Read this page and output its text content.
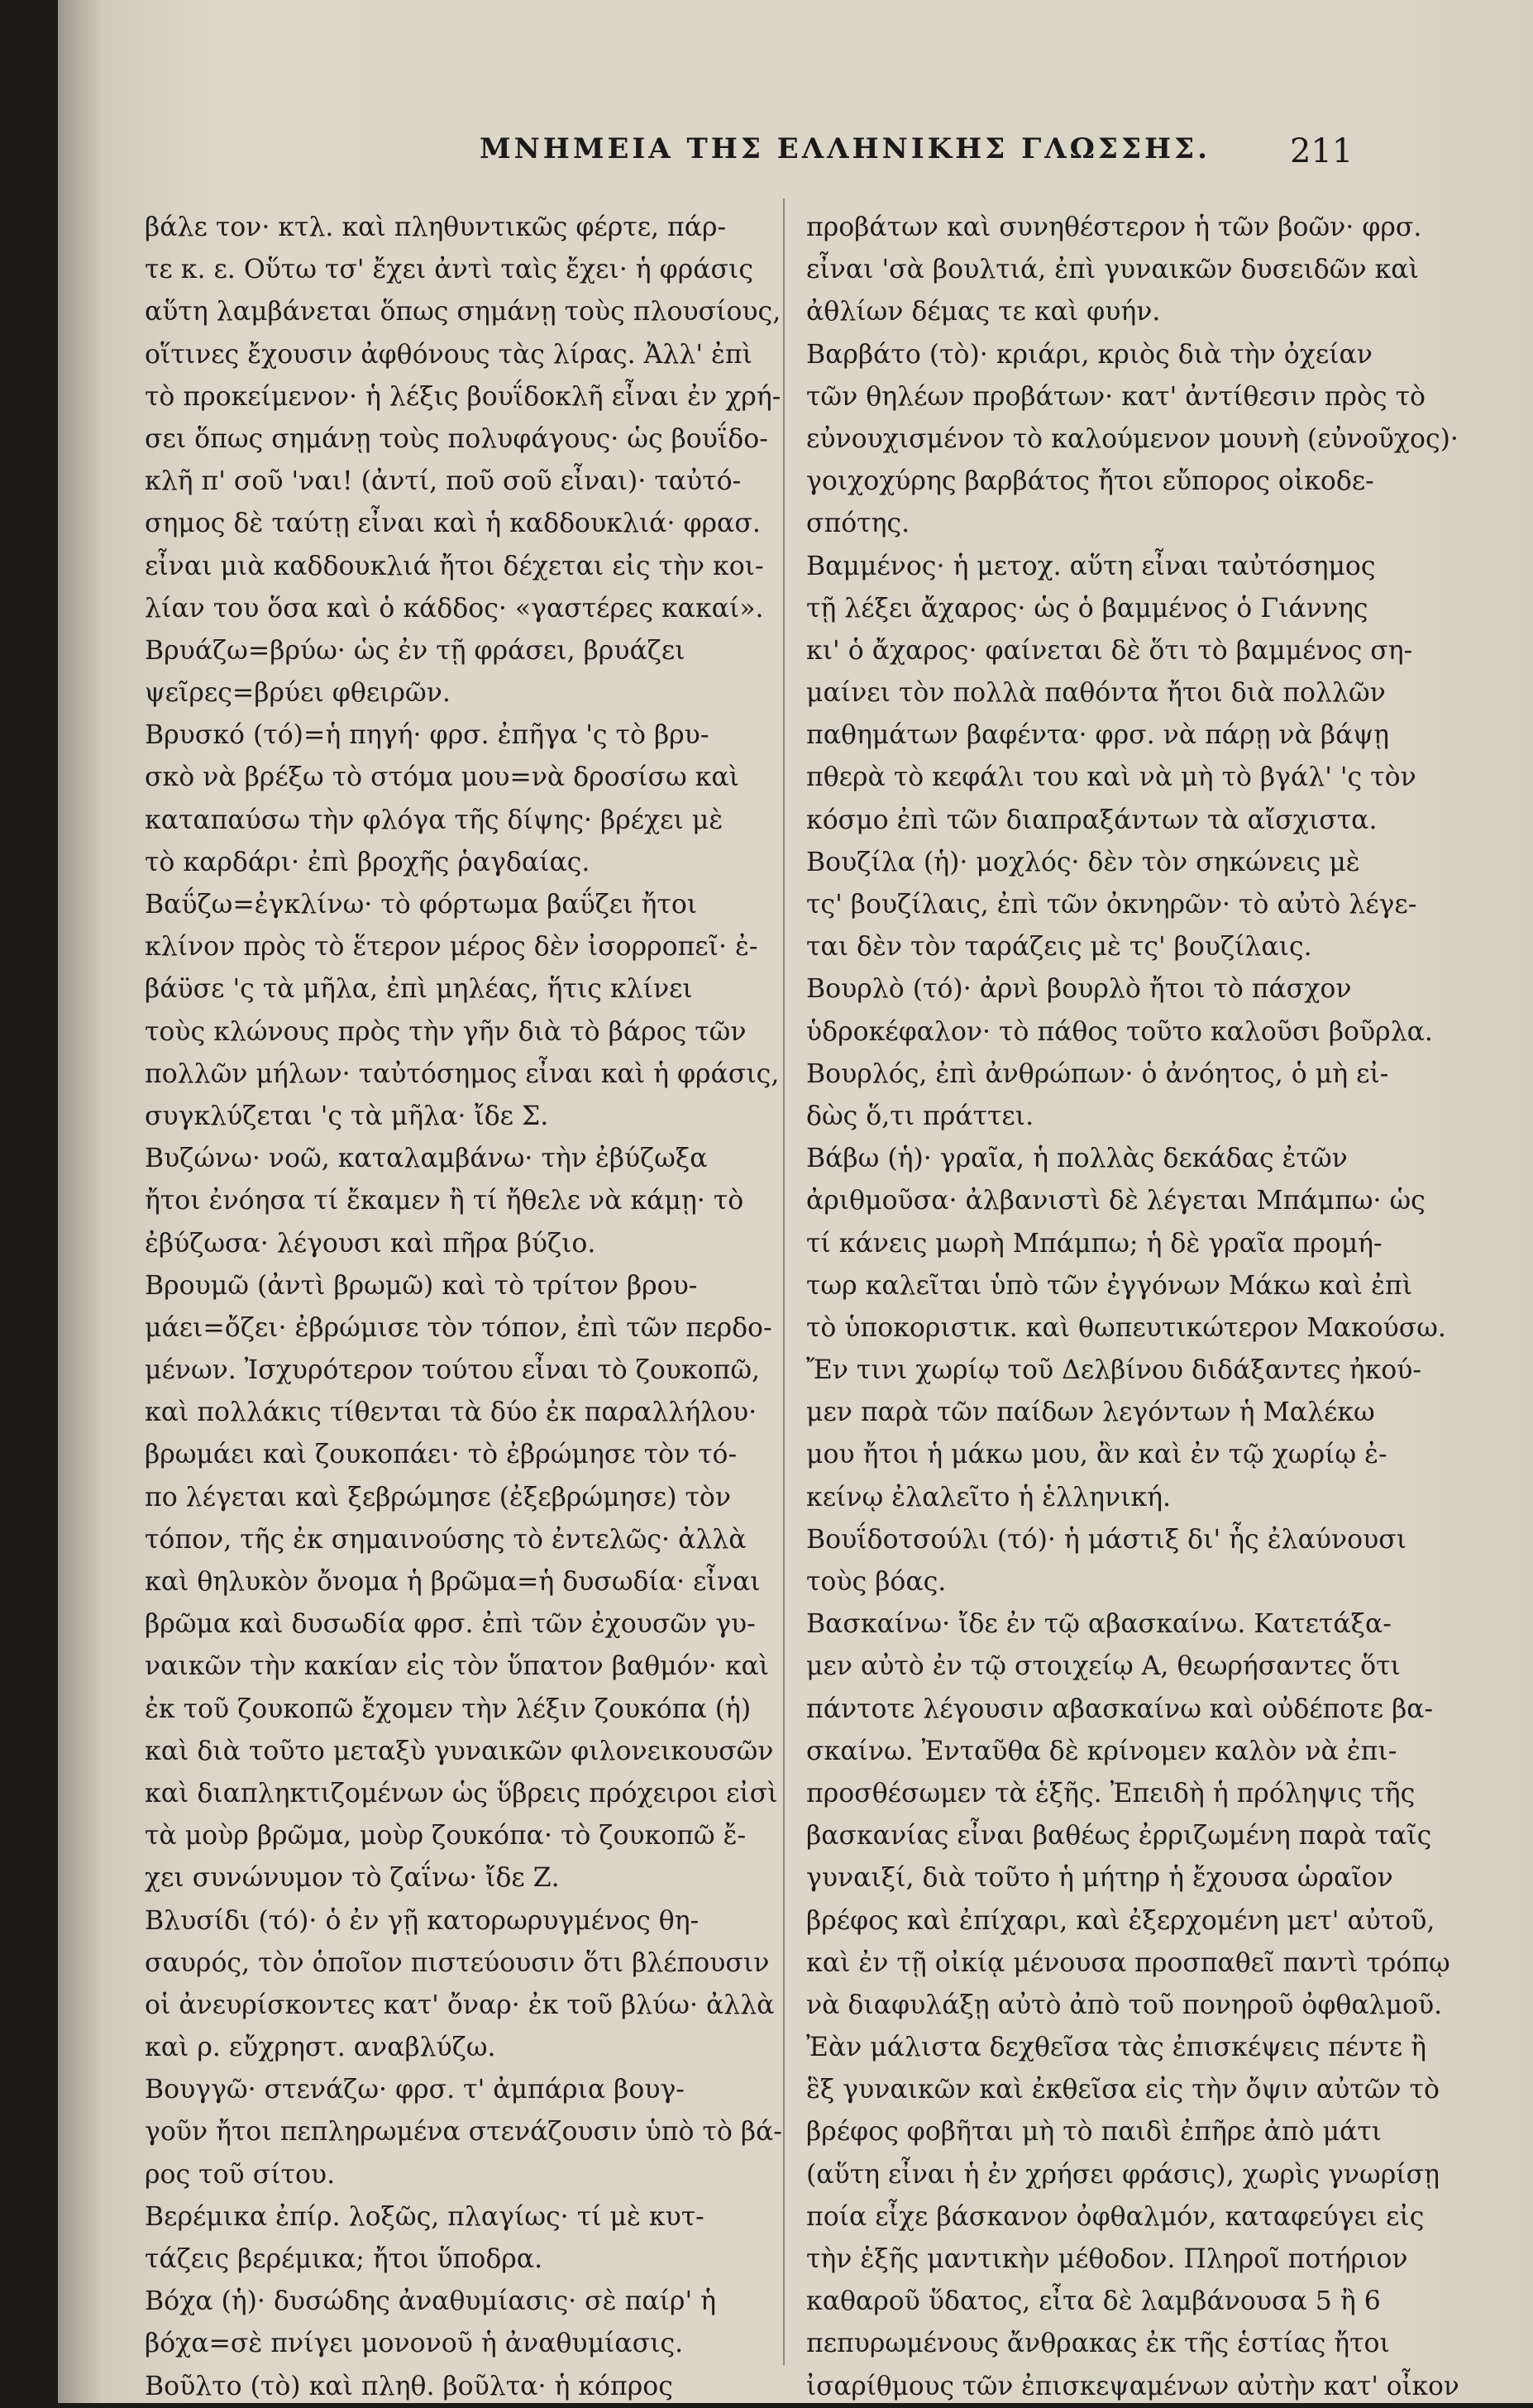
ΜΝΗΜΕΙΑ ΤΗΣ ΕΛΛΗΝΙΚΗΣ ΓΛΩΣΣΗΣ. 211
βάλε τον· κτλ. καὶ πληθυντικῶς φέρτε, πάρ-
τε κ. ε. Οὕτω τσ' ἔχει ἀντὶ ταὶς ἔχει· ἡ φράσις
αὕτη λαμβάνεται ὅπως σημάνῃ τοὺς πλουσίους,
οἵτινες ἔχουσιν ἀφθόνους τὰς λίρας. Ἀλλ' ἐπὶ
τὸ προκείμενον· ἡ λέξις βουΐδοκλῆ εἶναι ἐν χρή-
σει ὅπως σημάνῃ τοὺς πολυφάγους· ὡς βουΐδο-
κλῆ π' σοῦ 'ναι! (ἀντί, ποῦ σοῦ εἶναι)· ταὐτό-
σημος δὲ ταύτῃ εἶναι καὶ ἡ καδδουκλιά· φρασ.
εἶναι μιὰ καδδουκλιά ἤτοι δέχεται εἰς τὴν κοι-
λίαν του ὅσα καὶ ὁ κάδδος· «γαστέρες κακαί».
Βρυάζω=βρύω· ὡς ἐν τῇ φράσει, βρυάζει
ψεῖρες=βρύει φθειρῶν.
Βρυσκό (τό)=ἡ πηγή· φρσ. ἐπῆγα 'ς τὸ βρυ-
σκὸ νὰ βρέξω τὸ στόμα μου=νὰ δροσίσω καὶ
καταπαύσω τὴν φλόγα τῆς δίψης· βρέχει μὲ
τὸ καρδάρι· ἐπὶ βροχῆς ῥαγδαίας.
Βαΰζω=ἐγκλίνω· τὸ φόρτωμα βαΰζει ἤτοι
κλίνον πρὸς τὸ ἕτερον μέρος δὲν ἰσορροπεῖ· ἐ-
βάϋσε 'ς τὰ μῆλα, ἐπὶ μηλέας, ἥτις κλίνει
τοὺς κλώνους πρὸς τὴν γῆν διὰ τὸ βάρος τῶν
πολλῶν μήλων· ταὐτόσημος εἶναι καὶ ἡ φράσις,
συγκλύζεται 'ς τὰ μῆλα· ἴδε Σ.
Βυζώνω· νοῶ, καταλαμβάνω· τὴν ἐβύζωξα
ἤτοι ἐνόησα τί ἔκαμεν ἢ τί ἤθελε νὰ κάμῃ· τὸ
ἐβύζωσα· λέγουσι καὶ πῆρα βύζιο.
Βρουμῶ (ἀντὶ βρωμῶ) καὶ τὸ τρίτον βρου-
μάει=ὄζει· ἐβρώμισε τὸν τόπον, ἐπὶ τῶν περδο-
μένων. Ἰσχυρότερον τούτου εἶναι τὸ ζουκοπῶ,
καὶ πολλάκις τίθενται τὰ δύο ἐκ παραλλήλου·
βρωμάει καὶ ζουκοπάει· τὸ ἐβρώμησε τὸν τό-
πο λέγεται καὶ ξεβρώμησε (ἐξεβρώμησε) τὸν
τόπον, τῆς ἐκ σημαινούσης τὸ ἐντελῶς· ἀλλὰ
καὶ θηλυκὸν ὄνομα ἡ βρῶμα=ἡ δυσωδία· εἶναι
βρῶμα καὶ δυσωδία φρσ. ἐπὶ τῶν ἐχουσῶν γυ-
ναικῶν τὴν κακίαν εἰς τὸν ὕπατον βαθμόν· καὶ
ἐκ τοῦ ζουκοπῶ ἔχομεν τὴν λέξιν ζουκόπα (ἡ)
καὶ διὰ τοῦτο μεταξὺ γυναικῶν φιλονεικουσῶν
καὶ διαπληκτιζομένων ὡς ὕβρεις πρόχειροι εἰσὶ
τὰ μοὺρ βρῶμα, μοὺρ ζουκόπα· τὸ ζουκοπῶ ἔ-
χει συνώνυμον τὸ ζαΐνω· ἴδε Ζ.
Βλυσίδι (τό)· ὁ ἐν γῇ κατορωρυγμένος θη-
σαυρός, τὸν ὁποῖον πιστεύουσιν ὅτι βλέπουσιν
οἱ ἀνευρίσκοντες κατ' ὄναρ· ἐκ τοῦ βλύω· ἀλλὰ
καὶ ρ. εὔχρηστ. αναβλύζω.
Βουγγῶ· στενάζω· φρσ. τ' ἀμπάρια βουγ-
γοῦν ἤτοι πεπληρωμένα στενάζουσιν ὑπὸ τὸ βά-
ρος τοῦ σίτου.
Βερέμικα ἐπίρ. λοξῶς, πλαγίως· τί μὲ κυτ-
τάζεις βερέμικα; ἤτοι ὕποδρα.
Βόχα (ἡ)· δυσώδης ἀναθυμίασις· σὲ παίρ' ἡ
βόχα=σὲ πνίγει μονονοῦ ἡ ἀναθυμίασις.
Βοῦλτο (τὸ) καὶ πληθ. βοῦλτα· ἡ κόπρος
προβάτων καὶ συνηθέστερον ἡ τῶν βοῶν· φρσ.
εἶναι 'σὰ βουλτιά, ἐπὶ γυναικῶν δυσειδῶν καὶ
ἀθλίων δέμας τε καὶ φυήν.
Βαρβάτο (τὸ)· κριάρι, κριὸς διὰ τὴν ὀχείαν
τῶν θηλέων προβάτων· κατ' ἀντίθεσιν πρὸς τὸ
εὐνουχισμένον τὸ καλούμενον μουνὴ (εὐνοῦχος)·
γοιχοχύρης βαρβάτος ἤτοι εὔπορος οἰκοδε-
σπότης.
Βαμμένος· ἡ μετοχ. αὕτη εἶναι ταὐτόσημος
τῇ λέξει ἄχαρος· ὡς ὁ βαμμένος ὁ Γιάννης
κι' ὁ ἄχαρος· φαίνεται δὲ ὅτι τὸ βαμμένος ση-
μαίνει τὸν πολλὰ παθόντα ἤτοι διὰ πολλῶν
παθημάτων βαφέντα· φρσ. νὰ πάρῃ νὰ βάψῃ
πθερὰ τὸ κεφάλι του καὶ νὰ μὴ τὸ βγάλ' 'ς τὸν
κόσμο ἐπὶ τῶν διαπραξάντων τὰ αἴσχιστα.
Βουζίλα (ἡ)· μοχλός· δὲν τὸν σηκώνεις μὲ
τς' βουζίλαις, ἐπὶ τῶν ὀκνηρῶν· τὸ αὐτὸ λέγε-
ται δὲν τὸν ταράζεις μὲ τς' βουζίλαις.
Βουρλὸ (τό)· ἀρνὶ βουρλὸ ἤτοι τὸ πάσχον
ὑδροκέφαλον· τὸ πάθος τοῦτο καλοῦσι βοῦρλα.
Βουρλός, ἐπὶ ἀνθρώπων· ὁ ἀνόητος, ὁ μὴ εἰ-
δὼς ὅ,τι πράττει.
Βάβω (ἡ)· γραῖα, ἡ πολλὰς δεκάδας ἐτῶν
ἀριθμοῦσα· ἀλβανιστὶ δὲ λέγεται Μπάμπω· ὡς
τί κάνεις μωρὴ Μπάμπω; ἡ δὲ γραῖα προμή-
τωρ καλεῖται ὑπὸ τῶν ἐγγόνων Μάκω καὶ ἐπὶ
τὸ ὑποκοριστικ. καὶ θωπευτικώτερον Μακούσω.
Ἔν τινι χωρίῳ τοῦ Δελβίνου διδάξαντες ἠκού-
μεν παρὰ τῶν παίδων λεγόντων ἡ Μαλέκω
μου ἤτοι ἡ μάκω μου, ἂν καὶ ἐν τῷ χωρίῳ ἐ-
κείνῳ ἐλαλεῖτο ἡ ἑλληνική.
Βουΐδοτσούλι (τό)· ἡ μάστιξ δι' ἧς ἐλαύνουσι
τοὺς βόας.
Βασκαίνω· ἴδε ἐν τῷ αβασκαίνω. Κατετάξα-
μεν αὐτὸ ἐν τῷ στοιχείῳ Α, θεωρήσαντες ὅτι
πάντοτε λέγουσιν αβασκαίνω καὶ οὐδέποτε βα-
σκαίνω. Ἐνταῦθα δὲ κρίνομεν καλὸν νὰ ἐπι-
προσθέσωμεν τὰ ἑξῆς. Ἐπειδὴ ἡ πρόληψις τῆς
βασκανίας εἶναι βαθέως ἐρριζωμένη παρὰ ταῖς
γυναιξί, διὰ τοῦτο ἡ μήτηρ ἡ ἔχουσα ὡραῖον
βρέφος καὶ ἐπίχαρι, καὶ ἐξερχομένη μετ' αὐτοῦ,
καὶ ἐν τῇ οἰκίᾳ μένουσα προσπαθεῖ παντὶ τρόπῳ
νὰ διαφυλάξῃ αὐτὸ ἀπὸ τοῦ πονηροῦ ὀφθαλμοῦ.
Ἐὰν μάλιστα δεχθεῖσα τὰς ἐπισκέψεις πέντε ἢ
ἓξ γυναικῶν καὶ ἐκθεῖσα εἰς τὴν ὄψιν αὐτῶν τὸ
βρέφος φοβῆται μὴ τὸ παιδὶ ἐπῆρε ἀπὸ μάτι
(αὕτη εἶναι ἡ ἐν χρήσει φράσις), χωρὶς γνωρίσῃ
ποία εἶχε βάσκανον ὀφθαλμόν, καταφεύγει εἰς
τὴν ἑξῆς μαντικὴν μέθοδον. Πληροῖ ποτήριον
καθαροῦ ὕδατος, εἶτα δὲ λαμβάνουσα 5 ἢ 6
πεπυρωμένους ἄνθρακας ἐκ τῆς ἑστίας ἤτοι
ἰσαρίθμους τῶν ἐπισκεψαμένων αὐτὴν κατ' οἶκον
